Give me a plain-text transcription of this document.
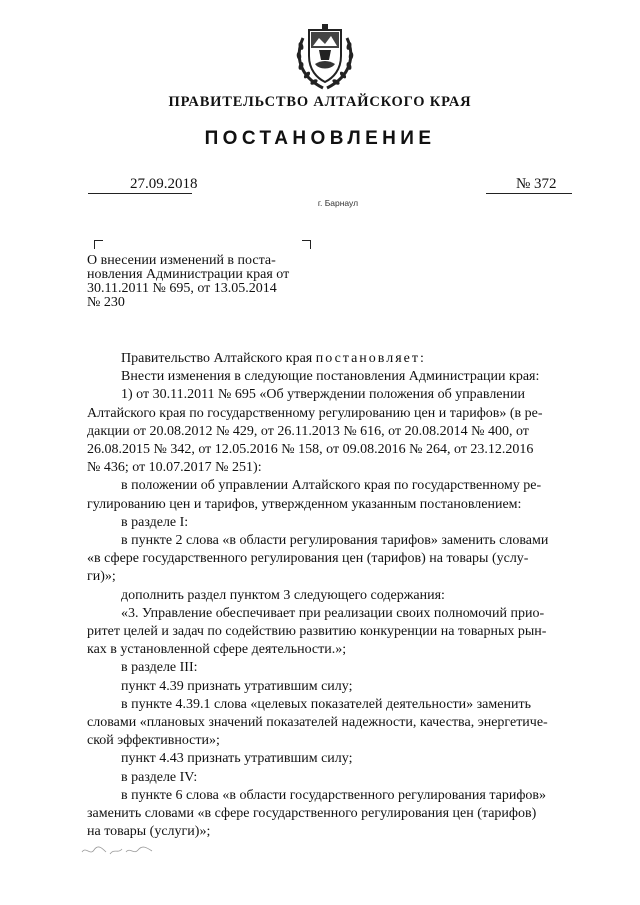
ПРАВИТЕЛЬСТВО АЛТАЙСКОГО КРАЯ
ПОСТАНОВЛЕНИЕ
27.09.2018	№ 372
г. Барнаул
О внесении изменений в поста-
новления Администрации края от
30.11.2011 № 695, от 13.05.2014
№ 230
Правительство Алтайского края постановляет:
Внести изменения в следующие постановления Администрации края:
1) от 30.11.2011 № 695 «Об утверждении положения об управлении
Алтайского края по государственному регулированию цен и тарифов» (в ре-
дакции от 20.08.2012 № 429, от 26.11.2013 № 616, от 20.08.2014 № 400, от
26.08.2015 № 342, от 12.05.2016 № 158, от 09.08.2016 № 264, от 23.12.2016
№ 436; от 10.07.2017 № 251):
в положении об управлении Алтайского края по государственному ре-
гулированию цен и тарифов, утвержденном указанным постановлением:
в разделе I:
в пункте 2 слова «в области регулирования тарифов» заменить словами
«в сфере государственного регулирования цен (тарифов) на товары (услу-
ги)»;
дополнить раздел пунктом 3 следующего содержания:
«3. Управление обеспечивает при реализации своих полномочий прио-
ритет целей и задач по содействию развитию конкуренции на товарных рын-
ках в установленной сфере деятельности.»;
в разделе III:
пункт 4.39 признать утратившим силу;
в пункте 4.39.1 слова «целевых показателей деятельности» заменить
словами «плановых значений показателей надежности, качества, энергетиче-
ской эффективности»;
пункт 4.43 признать утратившим силу;
в разделе IV:
в пункте 6 слова «в области государственного регулирования тарифов»
заменить словами «в сфере государственного регулирования цен (тарифов)
на товары (услуги)»;
